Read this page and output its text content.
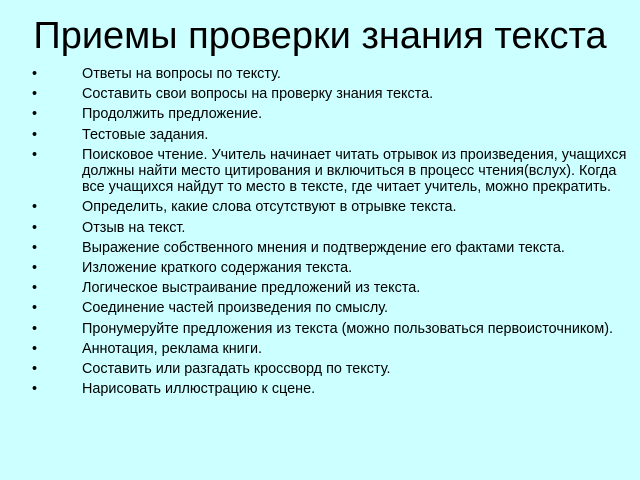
Приемы проверки знания текста
•	Ответы на вопросы по тексту.
•	Составить свои вопросы на проверку знания текста.
•	Продолжить предложение.
•	Тестовые задания.
•	Поисковое чтение. Учитель начинает читать отрывок из произведения, учащихся должны найти место цитирования и включиться в процесс чтения(вслух). Когда все учащихся найдут то место в тексте, где читает учитель, можно прекратить.
•	Определить, какие слова отсутствуют в отрывке текста.
•	Отзыв на текст.
•	Выражение собственного мнения и подтверждение его фактами текста.
•	Изложение краткого содержания текста.
•	Логическое выстраивание предложений из текста.
•	Соединение частей произведения по смыслу.
•	Пронумеруйте предложения из текста (можно пользоваться первоисточником).
•	Аннотация, реклама книги.
•	Составить или разгадать кроссворд по тексту.
•	Нарисовать иллюстрацию к сцене.
